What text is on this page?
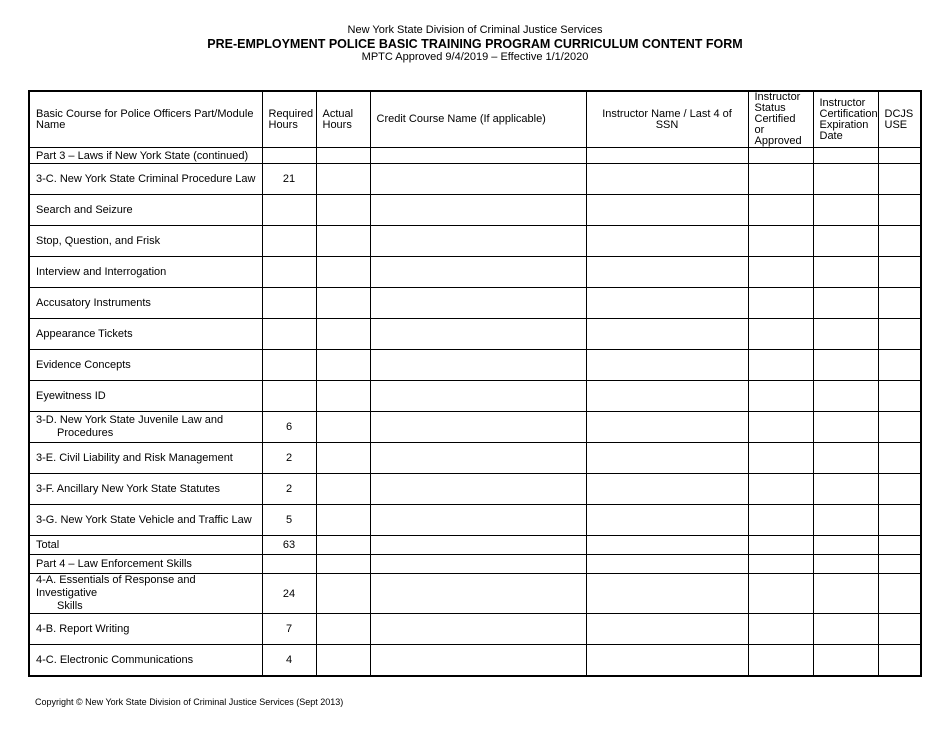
New York State Division of Criminal Justice Services
PRE-EMPLOYMENT POLICE BASIC TRAINING PROGRAM CURRICULUM CONTENT FORM
MPTC Approved 9/4/2019 – Effective 1/1/2020
Basic Course for Police Officers Part/Module Name	Required Hours	Actual Hours	Credit Course Name (If applicable)	Instructor Name / Last 4 of SSN	Instructor Status Certified or Approved	Instructor Certification Expiration Date	DCJS USE
Part 3 – Laws if New York State (continued)							
3-C. New York State Criminal Procedure Law	21						
Search and Seizure							
Stop, Question, and Frisk							
Interview and Interrogation							
Accusatory Instruments							
Appearance Tickets							
Evidence Concepts							
Eyewitness ID							
3-D. New York State Juvenile Law and
Procedures	6						
3-E. Civil Liability and Risk Management	2						
3-F. Ancillary New York State Statutes	2						
3-G. New York State Vehicle and Traffic Law	5						
Total	63						
Part 4 – Law Enforcement Skills							
4-A. Essentials of Response and Investigative
Skills	24						
4-B. Report Writing	7						
4-C. Electronic Communications	4						
Copyright © New York State Division of Criminal Justice Services (Sept 2013)
